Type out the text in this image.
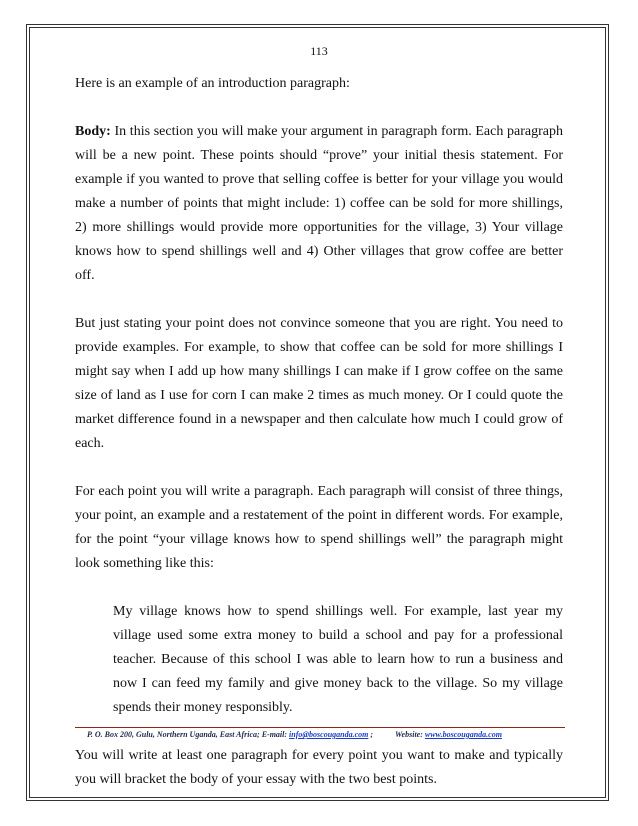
113

Here is an example of an introduction paragraph:

Body: In this section you will make your argument in paragraph form. Each paragraph will be a new point. These points should “prove” your initial thesis statement. For example if you wanted to prove that selling coffee is better for your village you would make a number of points that might include: 1) coffee can be sold for more shillings, 2) more shillings would provide more opportunities for the village, 3) Your village knows how to spend shillings well and 4) Other villages that grow coffee are better off.

But just stating your point does not convince someone that you are right. You need to provide examples. For example, to show that coffee can be sold for more shillings I might say when I add up how many shillings I can make if I grow coffee on the same size of land as I use for corn I can make 2 times as much money. Or I could quote the market difference found in a newspaper and then calculate how much I could grow of each.

For each point you will write a paragraph. Each paragraph will consist of three things, your point, an example and a restatement of the point in different words. For example, for the point “your village knows how to spend shillings well” the paragraph might look something like this:

My village knows how to spend shillings well. For example, last year my village used some extra money to build a school and pay for a professional teacher. Because of this school I was able to learn how to run a business and now I can feed my family and give money back to the village. So my village spends their money responsibly.

You will write at least one paragraph for every point you want to make and typically you will bracket the body of your essay with the two best points.

P. O. Box 200, Gulu, Northern Uganda, East Africa; E-mail: info@boscouganda.com ;	Website: www.boscouganda.com
